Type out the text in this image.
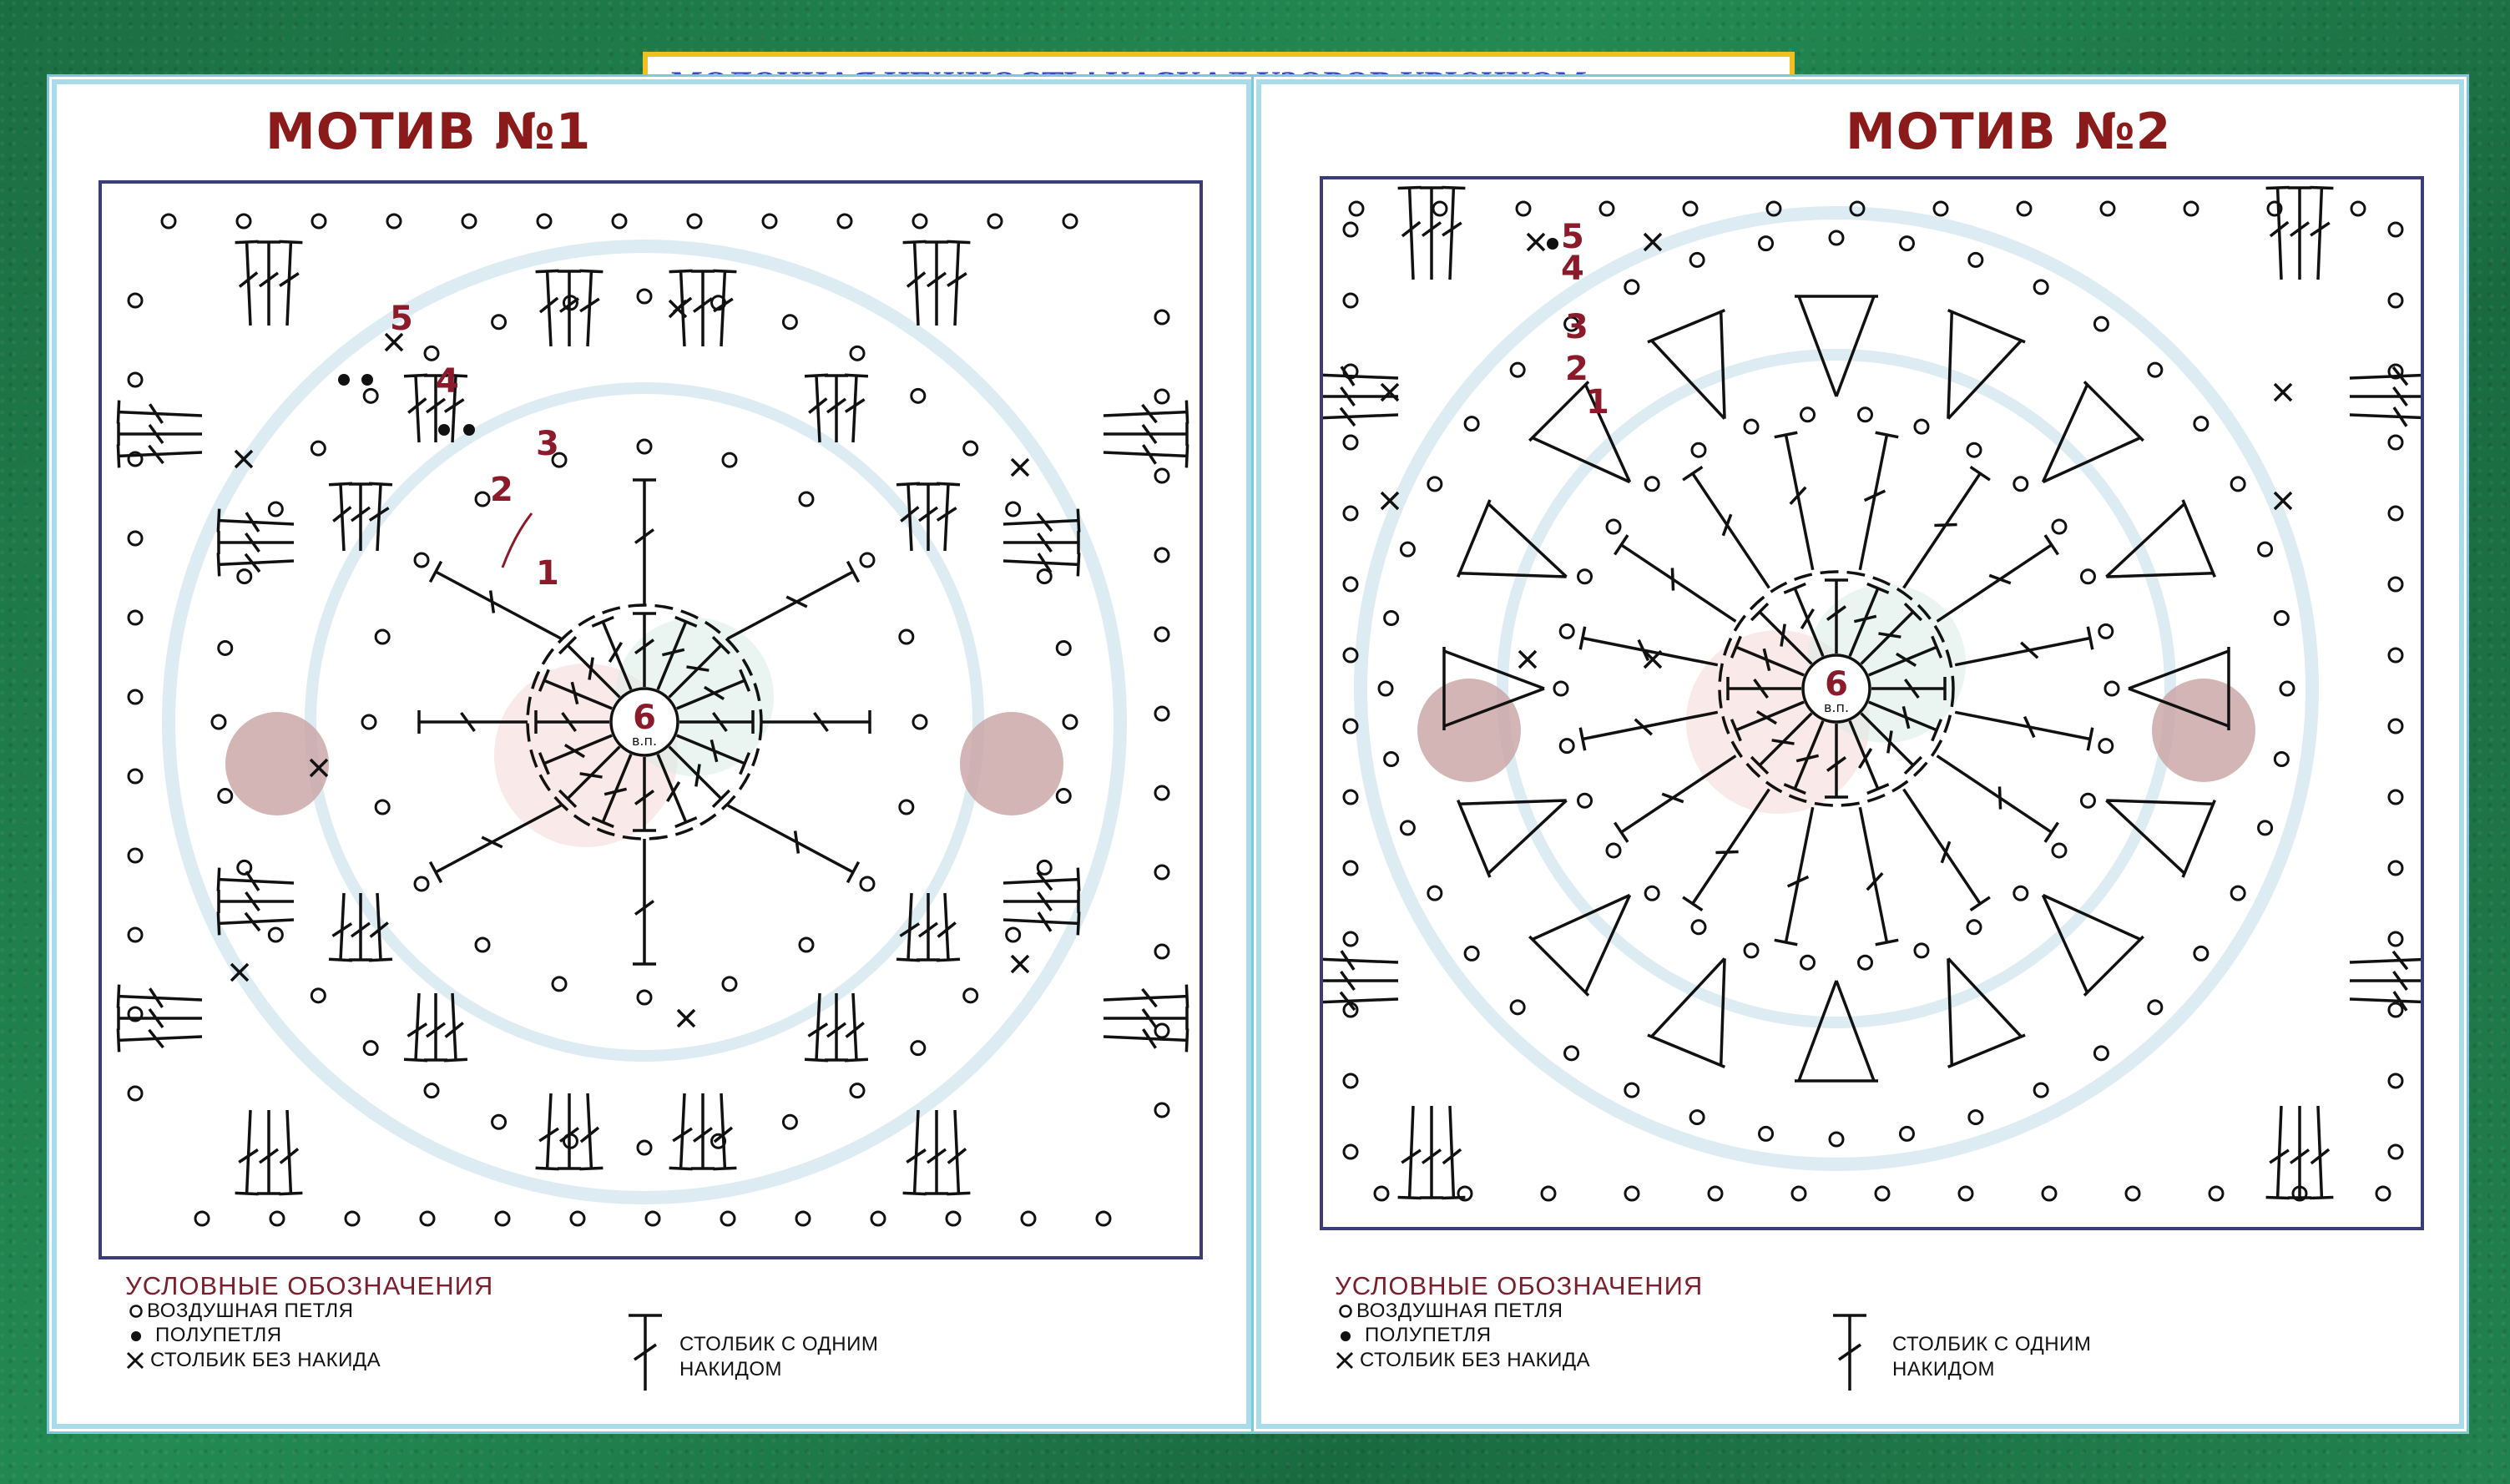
МОТИВ №1
6
в.п.
1
2
3
4
5
УСЛОВНЫЕ ОБОЗНАЧЕНИЯ
ВОЗДУШНАЯ ПЕТЛЯ
ПОЛУПЕТЛЯ
СТОЛБИК БЕЗ НАКИДА
СТОЛБИК С ОДНИМ
НАКИДОМ
МОТИВ №2
6
в.п.
1
2
3
4
5
УСЛОВНЫЕ ОБОЗНАЧЕНИЯ
ВОЗДУШНАЯ ПЕТЛЯ
ПОЛУПЕТЛЯ
СТОЛБИК БЕЗ НАКИДА
СТОЛБИК С ОДНИМ
НАКИДОМ
